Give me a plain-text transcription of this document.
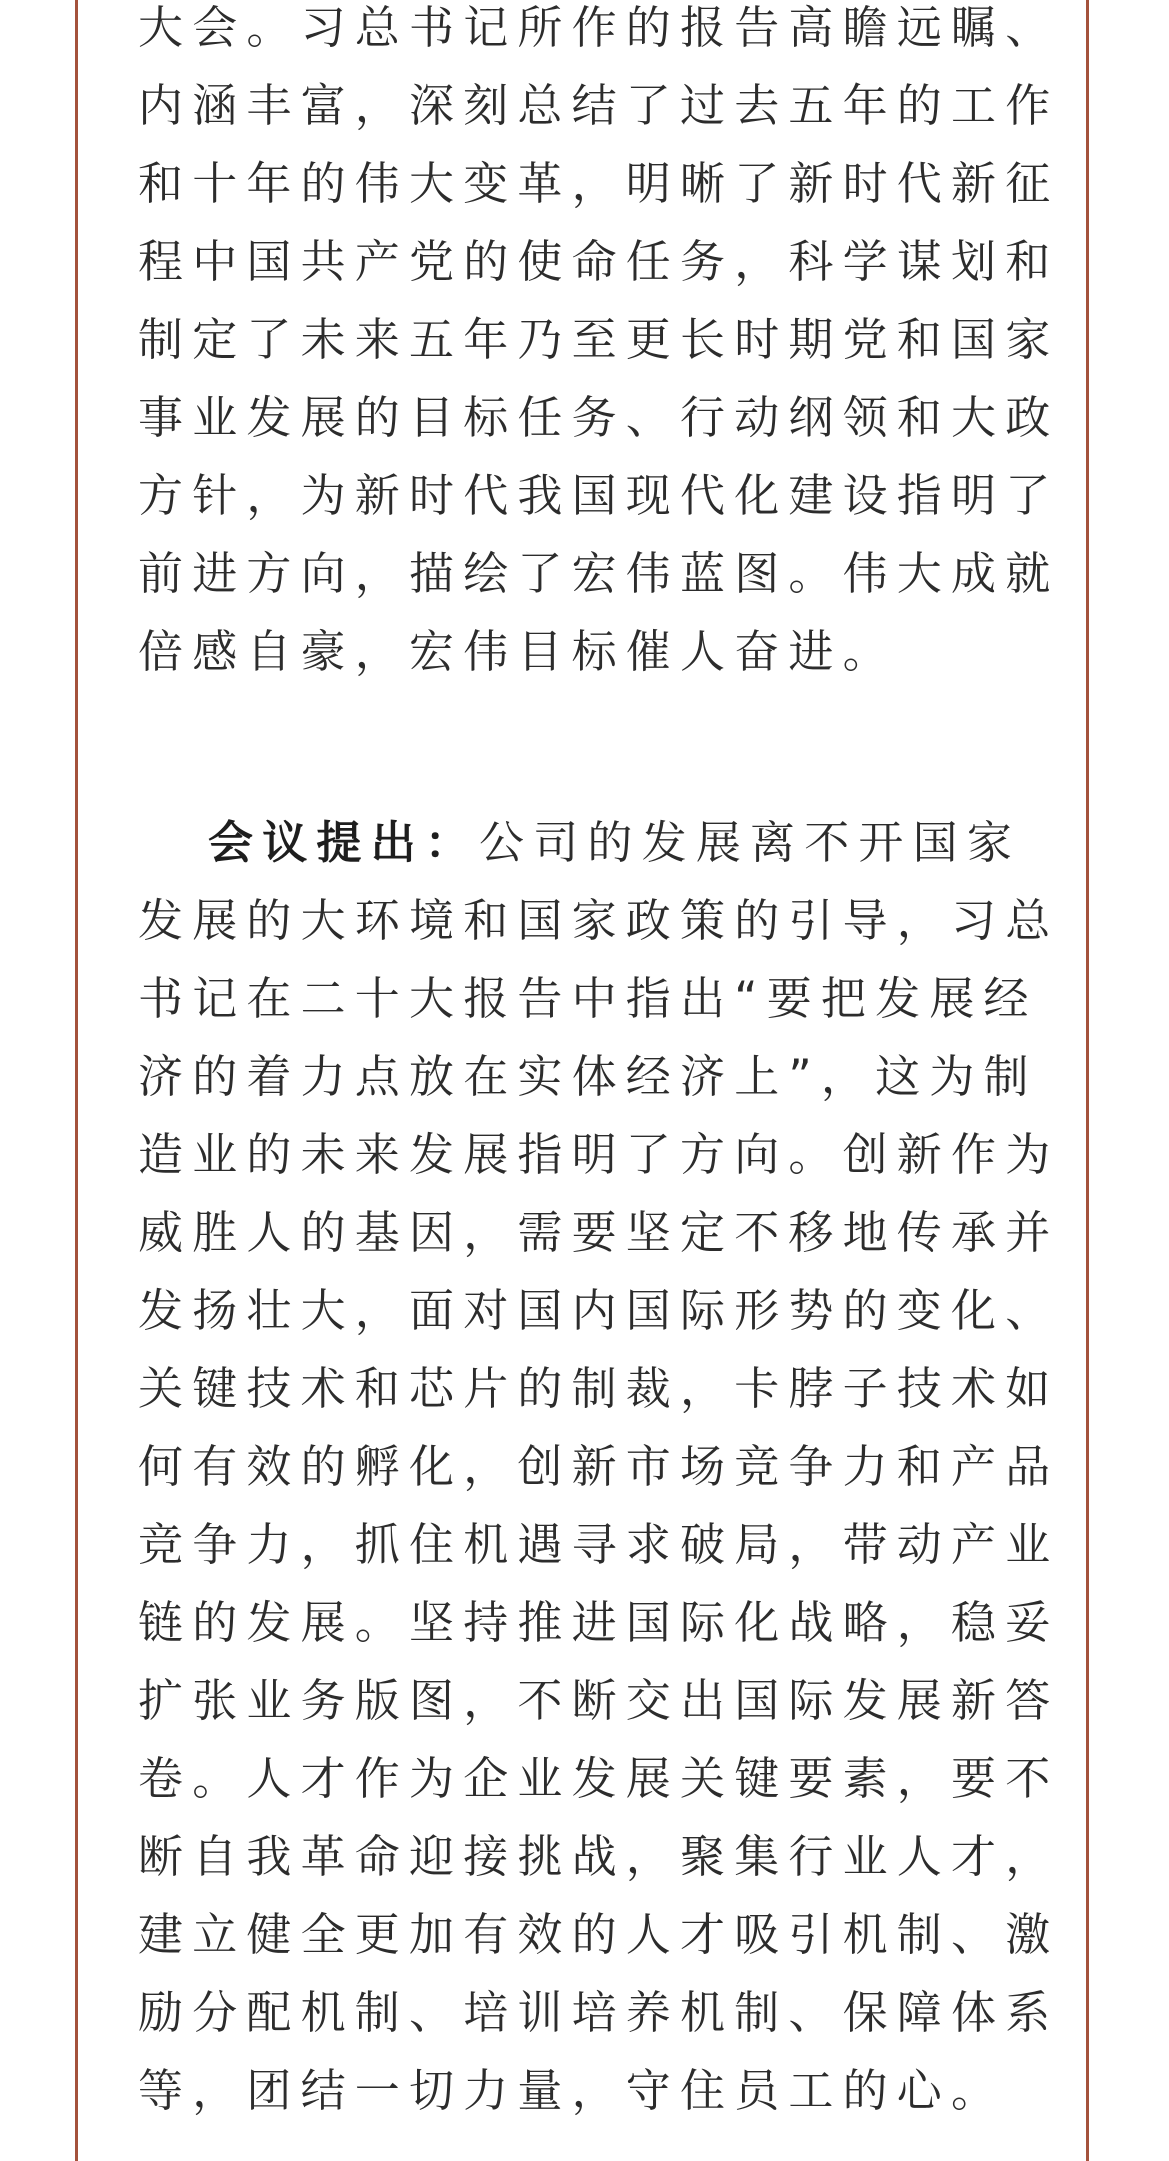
大会。习总书记所作的报告高瞻远瞩、
内涵丰富，深刻总结了过去五年的工作
和十年的伟大变革，明晰了新时代新征
程中国共产党的使命任务，科学谋划和
制定了未来五年乃至更长时期党和国家
事业发展的目标任务、行动纲领和大政
方针，为新时代我国现代化建设指明了
前进方向，描绘了宏伟蓝图。伟大成就
倍感自豪，宏伟目标催人奋进。
会议提出：公司的发展离不开国家
发展的大环境和国家政策的引导，习总
书记在二十大报告中指出“要把发展经
济的着力点放在实体经济上”，这为制
造业的未来发展指明了方向。创新作为
威胜人的基因，需要坚定不移地传承并
发扬壮大，面对国内国际形势的变化、
关键技术和芯片的制裁，卡脖子技术如
何有效的孵化，创新市场竞争力和产品
竞争力，抓住机遇寻求破局，带动产业
链的发展。坚持推进国际化战略，稳妥
扩张业务版图，不断交出国际发展新答
卷。人才作为企业发展关键要素，要不
断自我革命迎接挑战，聚集行业人才，
建立健全更加有效的人才吸引机制、激
励分配机制、培训培养机制、保障体系
等，团结一切力量，守住员工的心。
